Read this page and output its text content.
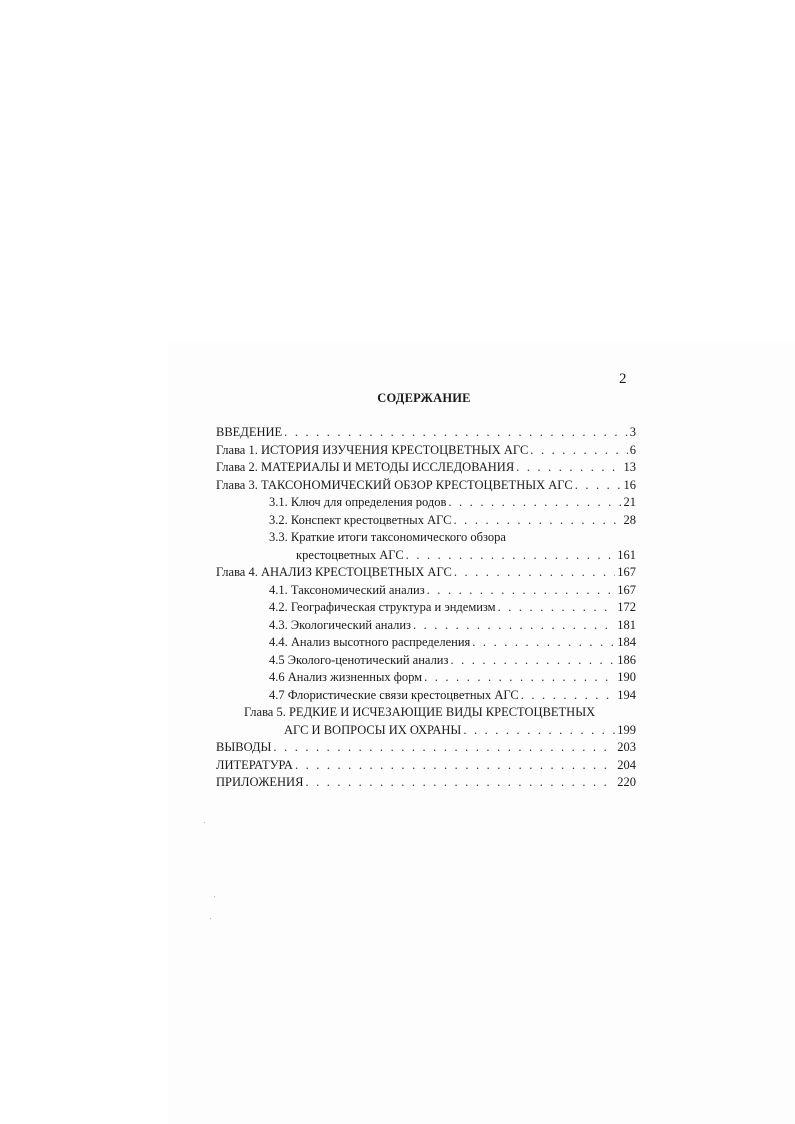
2
СОДЕРЖАНИЕ
ВВЕДЕНИЕ . . .	3
Глава 1. ИСТОРИЯ ИЗУЧЕНИЯ КРЕСТОЦВЕТНЫХ АГС . . .	6
Глава 2. МАТЕРИАЛЫ И МЕТОДЫ ИССЛЕДОВАНИЯ . . .	13
Глава 3. ТАКСОНОМИЧЕСКИЙ ОБЗОР КРЕСТОЦВЕТНЫХ АГС . . .	16
3.1. Ключ для определения родов . . .	21
3.2. Конспект крестоцветных АГС . . .	28
3.3. Краткие итоги таксономического обзора
крестоцветных АГС . . .	161
Глава 4. АНАЛИЗ КРЕСТОЦВЕТНЫХ АГС . . .	167
4.1. Таксономический анализ . . .	167
4.2. Географическая структура и эндемизм . . .	172
4.3. Экологический анализ . . .	181
4.4. Анализ высотного распределения . . .	184
4.5 Эколого-ценотический анализ . . .	186
4.6 Анализ жизненных форм . . .	190
4.7 Флористические связи крестоцветных АГС . . .	194
Глава 5. РЕДКИЕ И ИСЧЕЗАЮЩИЕ ВИДЫ КРЕСТОЦВЕТНЫХ
АГС И ВОПРОСЫ ИХ ОХРАНЫ . . .	199
ВЫВОДЫ . . .	203
ЛИТЕРАТУРА . . .	204
ПРИЛОЖЕНИЯ . . .	220
